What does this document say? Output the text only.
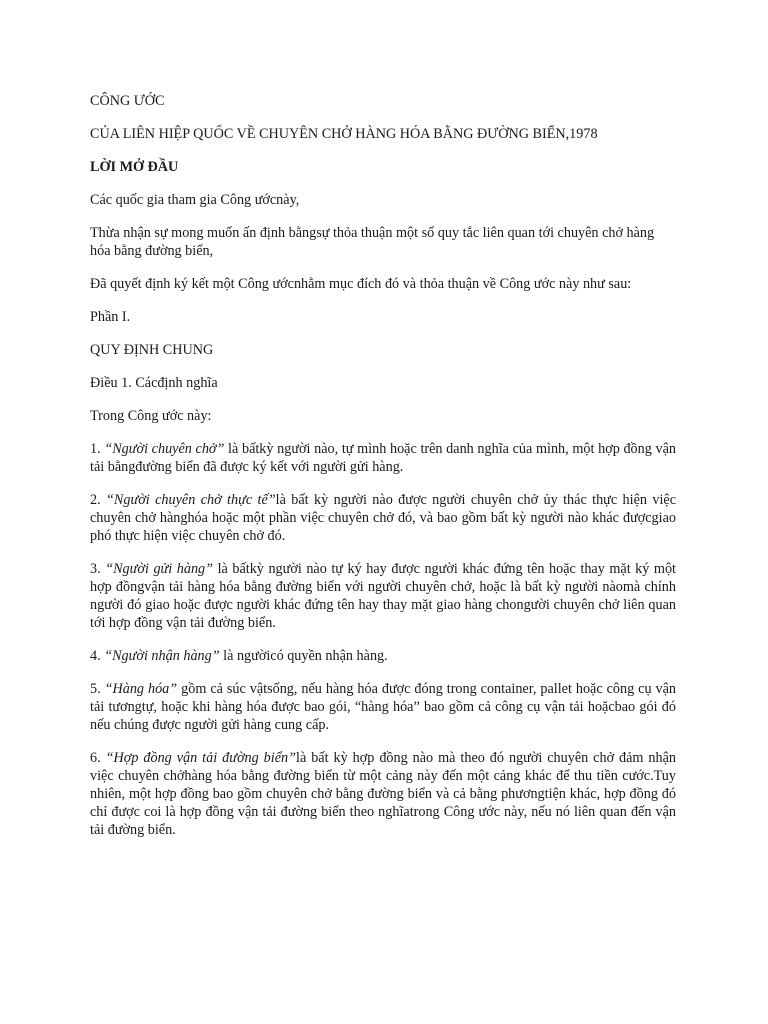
CÔNG ƯỚC

CỦA LIÊN HIỆP QUỐC VỀ CHUYÊN CHỞ HÀNG HÓA BẰNG ĐƯỜNG BIỂN,1978

LỜI MỞ ĐẦU

Các quốc gia tham gia Công ướcnày,

Thừa nhận sự mong muốn ấn định bằngsự thỏa thuận một số quy tắc liên quan tới chuyên chở hàng hóa bằng đường biển,

Đã quyết định ký kết một Công ướcnhằm mục đích đó và thỏa thuận về Công ước này như sau:

Phần I.

QUY ĐỊNH CHUNG

Điều 1. Cácđịnh nghĩa

Trong Công ước này:

1. “Người chuyên chở” là bấtkỳ người nào, tự mình hoặc trên danh nghĩa của mình, một hợp đồng vận tải bằngđường biển đã được ký kết với người gửi hàng.

2. “Người chuyên chở thực tế”là bất kỳ người nào được người chuyên chở ủy thác thực hiện việc chuyên chở hànghóa hoặc một phần việc chuyên chở đó, và bao gồm bất kỳ người nào khác đượcgiao phó thực hiện việc chuyên chở đó.

3. “Người gửi hàng” là bấtkỳ người nào tự ký hay được người khác đứng tên hoặc thay mặt ký một hợp đồngvận tải hàng hóa bằng đường biển với người chuyên chở, hoặc là bất kỳ người nàomà chính người đó giao hoặc được người khác đứng tên hay thay mặt giao hàng chongười chuyên chở liên quan tới hợp đồng vận tải đường biển.

4. “Người nhận hàng” là ngườicó quyền nhận hàng.

5. “Hàng hóa” gồm cả súc vậtsống, nếu hàng hóa được đóng trong container, pallet hoặc công cụ vận tải tươngtự, hoặc khi hàng hóa được bao gói, “hàng hóa” bao gồm cả công cụ vận tải hoặcbao gói đó nếu chúng được người gửi hàng cung cấp.

6. “Hợp đồng vận tải đường biển”là bất kỳ hợp đồng nào mà theo đó người chuyên chở đảm nhận việc chuyên chởhàng hóa bằng đường biển từ một cảng này đến một cảng khác để thu tiền cước.Tuy nhiên, một hợp đồng bao gồm chuyên chở bằng đường biển và cả bằng phươngtiện khác, hợp đồng đó chỉ được coi là hợp đồng vận tải đường biển theo nghĩatrong Công ước này, nếu nó liên quan đến vận tải đường biển.
